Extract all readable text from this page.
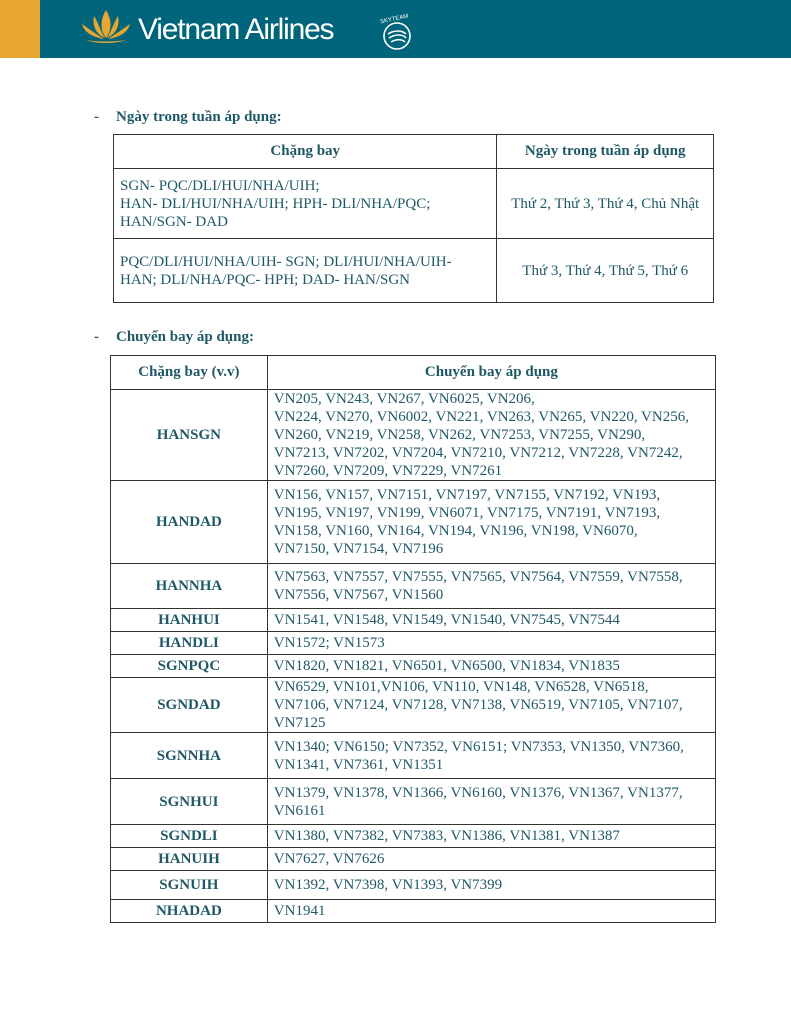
Vietnam Airlines	SKYTEAM
- Ngày trong tuần áp dụng:
Chặng bay	Ngày trong tuần áp dụng

SGN- PQC/DLI/HUI/NHA/UIH;
HAN- DLI/HUI/NHA/UIH; HPH- DLI/NHA/PQC;
HAN/SGN- DAD	Thứ 2, Thứ 3, Thứ 4, Chủ Nhật

PQC/DLI/HUI/NHA/UIH- SGN; DLI/HUI/NHA/UIH-
HAN; DLI/NHA/PQC- HPH; DAD- HAN/SGN	Thứ 3, Thứ 4, Thứ 5, Thứ 6
- Chuyến bay áp dụng:
Chặng bay (v.v)	Chuyến bay áp dụng
HANSGN	VN205, VN243, VN267, VN6025, VN206,
VN224, VN270, VN6002, VN221, VN263, VN265, VN220, VN256,
VN260, VN219, VN258, VN262, VN7253, VN7255, VN290,
VN7213, VN7202, VN7204, VN7210, VN7212, VN7228, VN7242,
VN7260, VN7209, VN7229, VN7261

HANDAD	VN156, VN157, VN7151, VN7197, VN7155, VN7192, VN193,
VN195, VN197, VN199, VN6071, VN7175, VN7191, VN7193,
VN158, VN160, VN164, VN194, VN196, VN198, VN6070,
VN7150, VN7154, VN7196

HANNHA	VN7563, VN7557, VN7555, VN7565, VN7564, VN7559, VN7558,
VN7556, VN7567, VN1560

HANHUI	VN1541, VN1548, VN1549, VN1540, VN7545, VN7544
HANDLI	VN1572; VN1573
SGNPQC	VN1820, VN1821, VN6501, VN6500, VN1834, VN1835
SGNDAD	VN6529, VN101,VN106, VN110, VN148, VN6528, VN6518,
VN7106, VN7124, VN7128, VN7138, VN6519, VN7105, VN7107,
VN7125

SGNNHA	VN1340; VN6150; VN7352, VN6151; VN7353, VN1350, VN7360,
VN1341, VN7361, VN1351

SGNHUI	VN1379, VN1378, VN1366, VN6160, VN1376, VN1367, VN1377,
VN6161

SGNDLI	VN1380, VN7382, VN7383, VN1386, VN1381, VN1387
HANUIH	VN7627, VN7626
SGNUIH	VN1392, VN7398, VN1393, VN7399
NHADAD	VN1941
